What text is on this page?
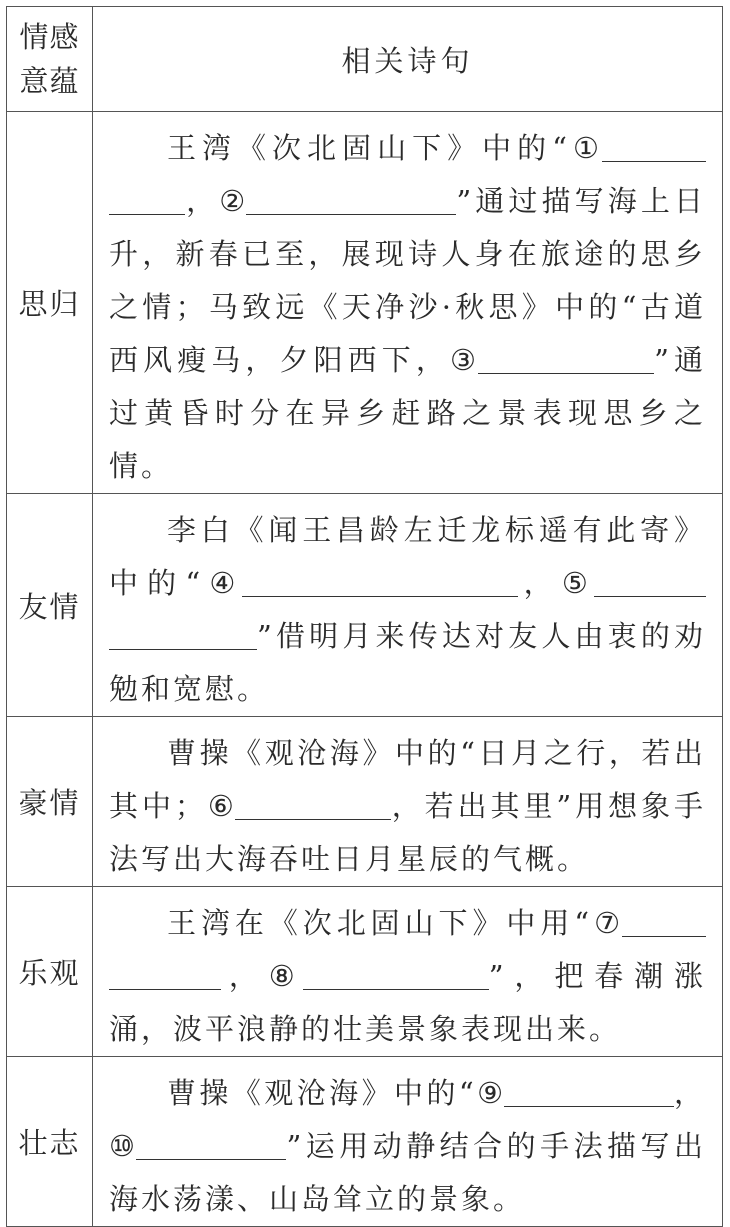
情感
意蕴	相关诗句
思归	王湾《次北固山下》中的“① ，② ”通过描写海上日升，新春已至，展现诗人身在旅途的思乡之情；马致远《天净沙·秋思》中的“古道西风瘦马，夕阳西下，③ ”通过黄昏时分在异乡赶路之景表现思乡之情。

友情	李白《闻王昌龄左迁龙标遥有此寄》中的“④ ，⑤ ”借明月来传达对友人由衷的劝勉和宽慰。

豪情	曹操《观沧海》中的“日月之行，若出其中；⑥ ，若出其里”用想象手法写出大海吞吐日月星辰的气概。

乐观	王湾在《次北固山下》中用“⑦ ，⑧ ”，把春潮涨涌，波平浪静的壮美景象表现出来。

壮志	曹操《观沧海》中的“⑨ ，⑩ ”运用动静结合的手法描写出海水荡漾、山岛耸立的景象。
